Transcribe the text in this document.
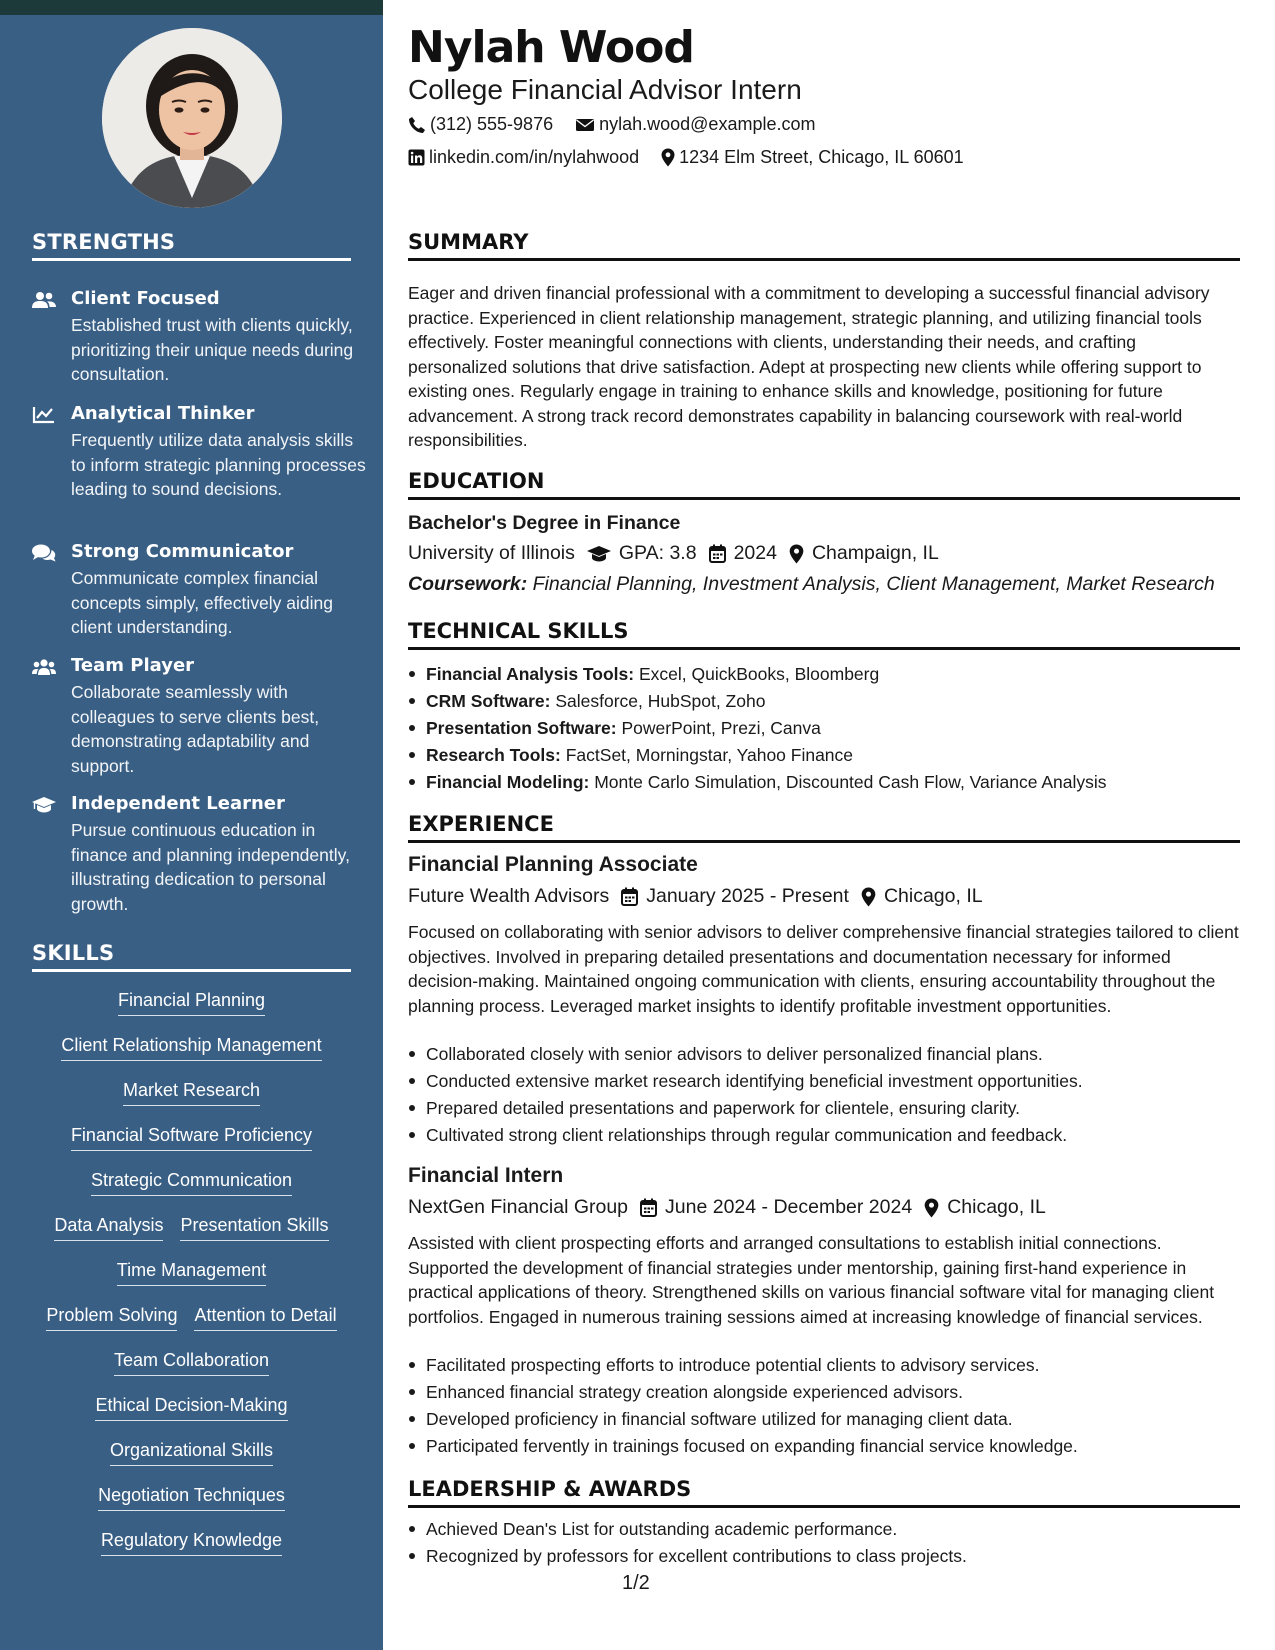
STRENGTHS
Client Focused
Established trust with clients quickly, prioritizing their unique needs during consultation.
Analytical Thinker
Frequently utilize data analysis skills to inform strategic planning processes leading to sound decisions.
Strong Communicator
Communicate complex financial concepts simply, effectively aiding client understanding.
Team Player
Collaborate seamlessly with colleagues to serve clients best, demonstrating adaptability and support.
Independent Learner
Pursue continuous education in finance and planning independently, illustrating dedication to personal growth.
SKILLS
Financial Planning
Client Relationship Management
Market Research
Financial Software Proficiency
Strategic Communication
Data Analysis Presentation Skills
Time Management
Problem Solving Attention to Detail
Team Collaboration
Ethical Decision-Making
Organizational Skills
Negotiation Techniques
Regulatory Knowledge
Nylah Wood
College Financial Advisor Intern
(312) 555-9876	nylah.wood@example.com
linkedin.com/in/nylahwood 1234 Elm Street, Chicago, IL 60601
SUMMARY
Eager and driven financial professional with a commitment to developing a successful financial advisory practice. Experienced in client relationship management, strategic planning, and utilizing financial tools effectively. Foster meaningful connections with clients, understanding their needs, and crafting personalized solutions that drive satisfaction. Adept at prospecting new clients while offering support to existing ones. Regularly engage in training to enhance skills and knowledge, positioning for future advancement. A strong track record demonstrates capability in balancing coursework with real-world responsibilities.
EDUCATION
Bachelor's Degree in Finance
University of Illinois GPA: 3.8 2024 Champaign, IL
Coursework: Financial Planning, Investment Analysis, Client Management, Market Research
TECHNICAL SKILLS
Financial Analysis Tools: Excel, QuickBooks, Bloomberg
CRM Software: Salesforce, HubSpot, Zoho
Presentation Software: PowerPoint, Prezi, Canva
Research Tools: FactSet, Morningstar, Yahoo Finance
Financial Modeling: Monte Carlo Simulation, Discounted Cash Flow, Variance Analysis
EXPERIENCE
Financial Planning Associate
Future Wealth Advisors January 2025 - Present Chicago, IL
Focused on collaborating with senior advisors to deliver comprehensive financial strategies tailored to client objectives. Involved in preparing detailed presentations and documentation necessary for informed decision-making. Maintained ongoing communication with clients, ensuring accountability throughout the planning process. Leveraged market insights to identify profitable investment opportunities.
Collaborated closely with senior advisors to deliver personalized financial plans.
Conducted extensive market research identifying beneficial investment opportunities.
Prepared detailed presentations and paperwork for clientele, ensuring clarity.
Cultivated strong client relationships through regular communication and feedback.
Financial Intern
NextGen Financial Group June 2024 - December 2024 Chicago, IL
Assisted with client prospecting efforts and arranged consultations to establish initial connections. Supported the development of financial strategies under mentorship, gaining first-hand experience in practical applications of theory. Strengthened skills on various financial software vital for managing client portfolios. Engaged in numerous training sessions aimed at increasing knowledge of financial services.
Facilitated prospecting efforts to introduce potential clients to advisory services.
Enhanced financial strategy creation alongside experienced advisors.
Developed proficiency in financial software utilized for managing client data.
Participated fervently in trainings focused on expanding financial service knowledge.
LEADERSHIP & AWARDS
Achieved Dean's List for outstanding academic performance.
Recognized by professors for excellent contributions to class projects.
1/2
